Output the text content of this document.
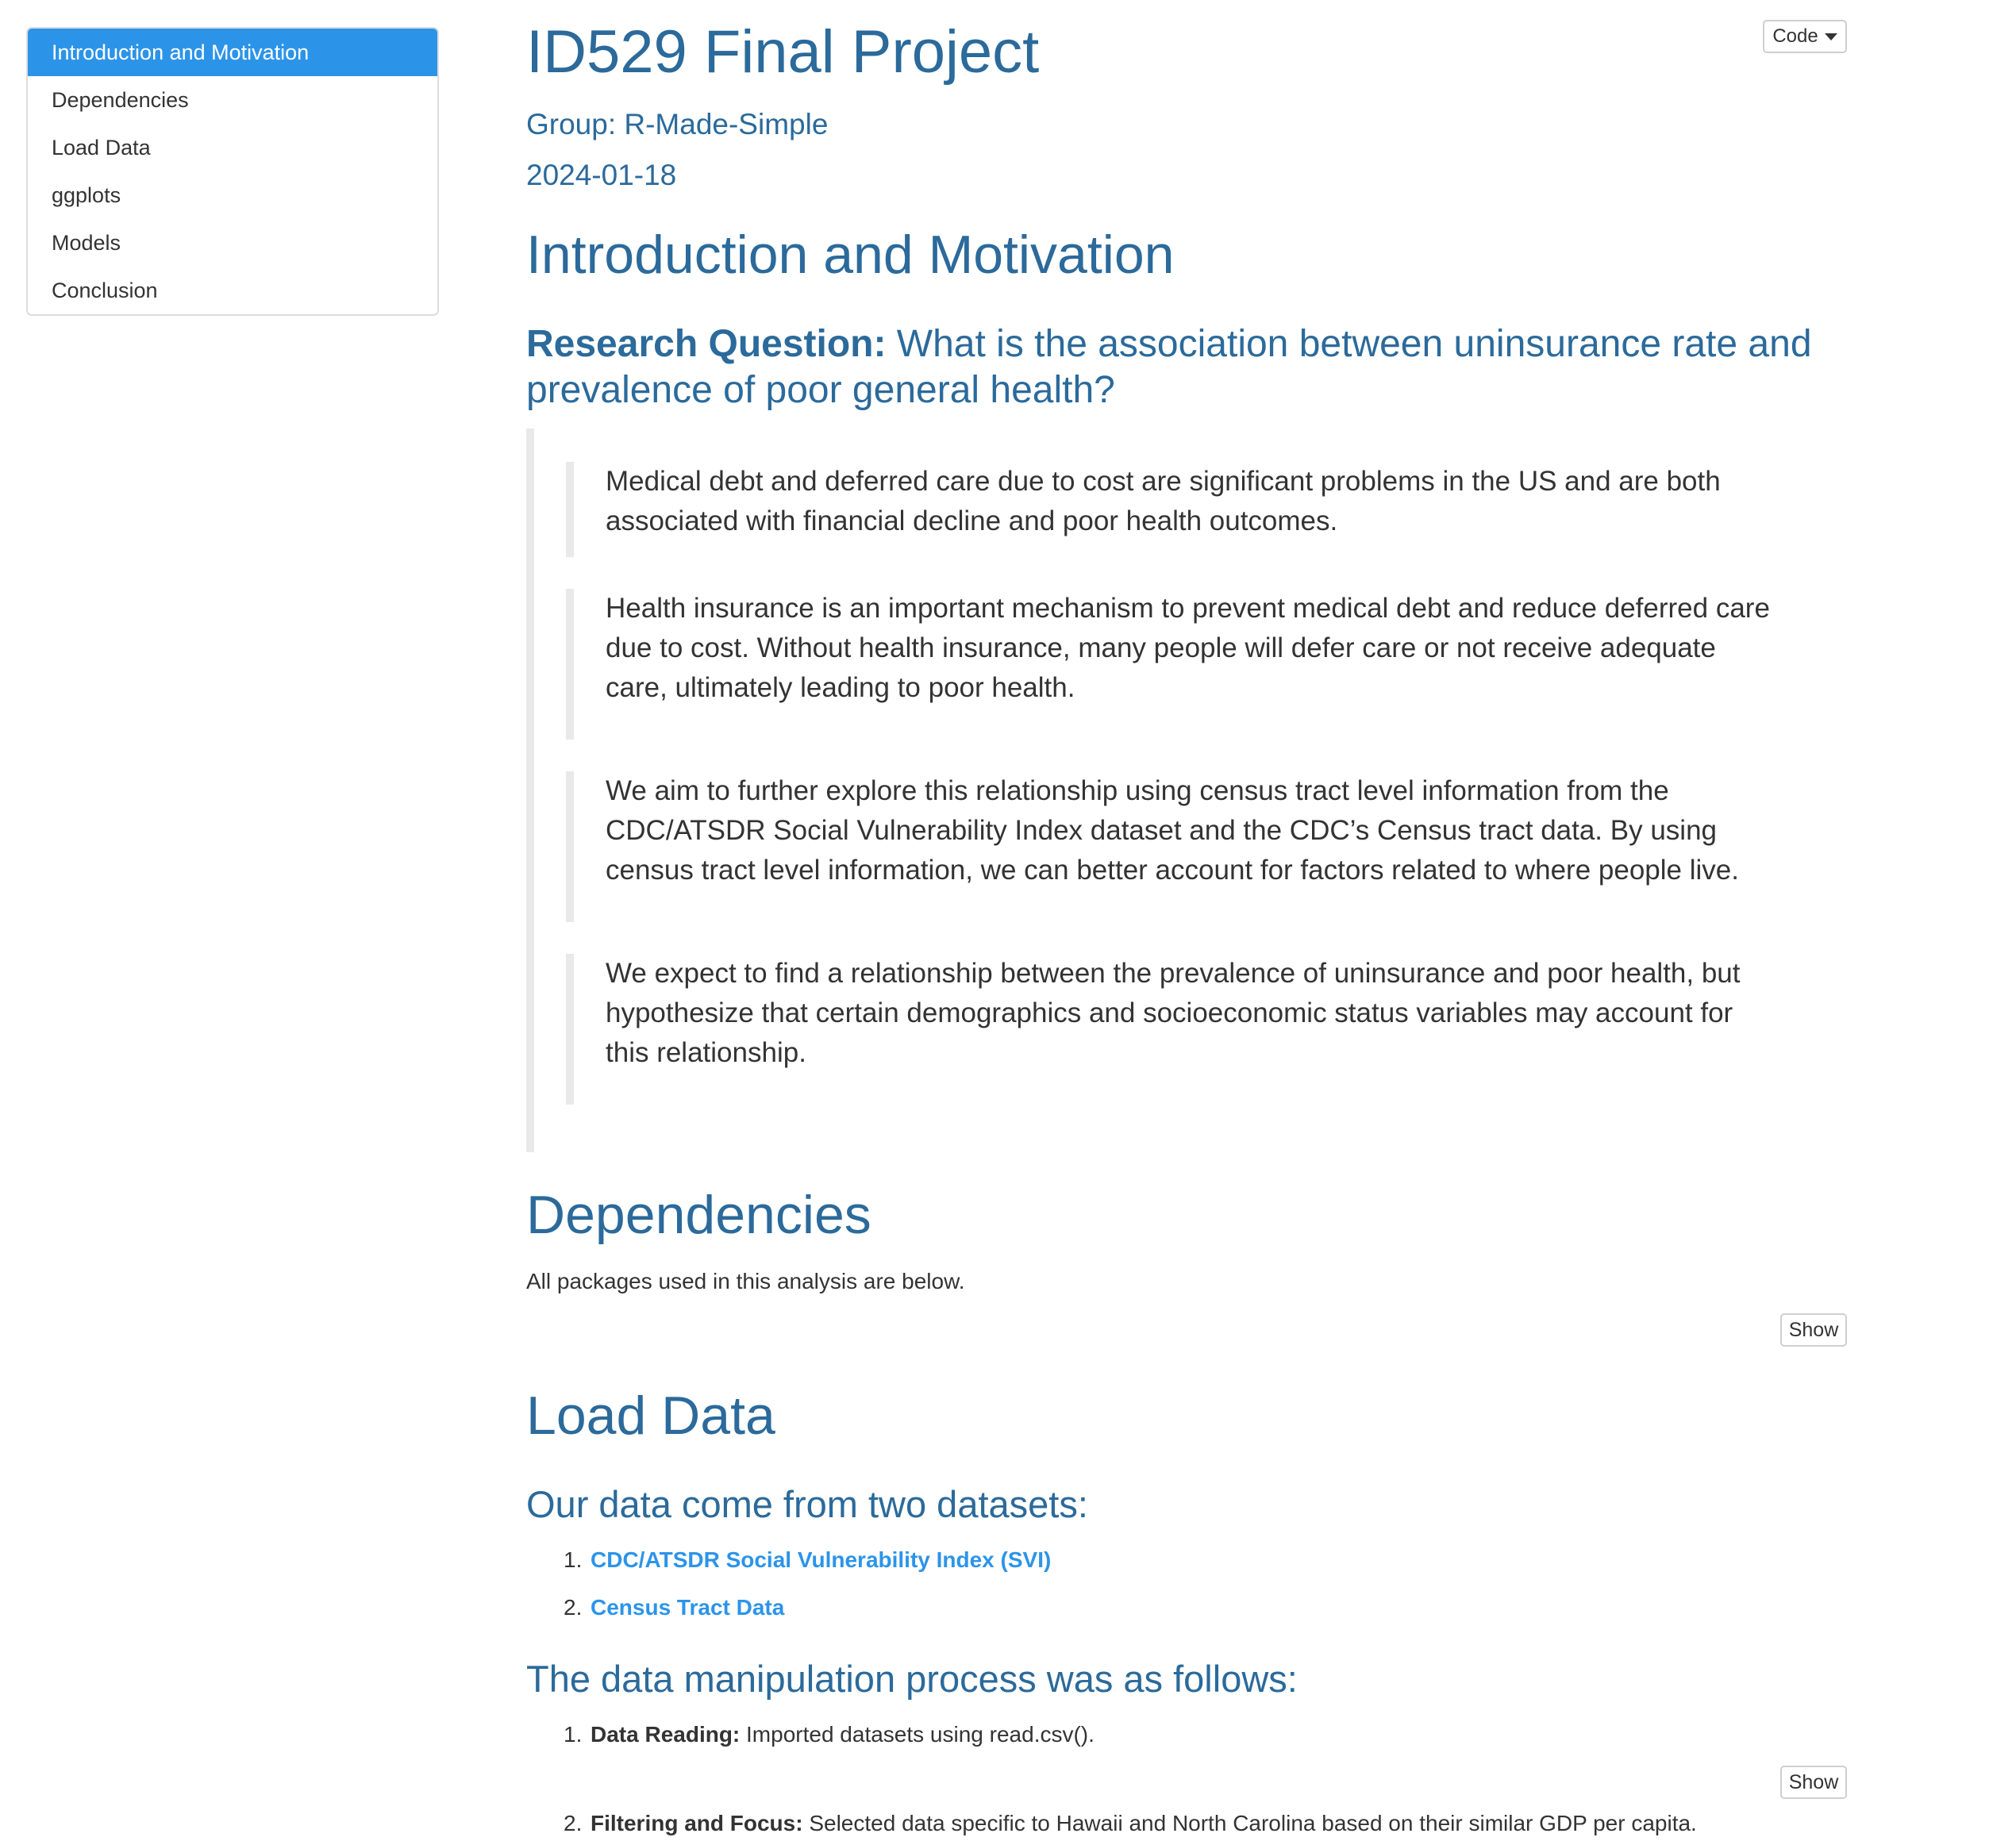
Introduction and Motivation
Dependencies
Load Data
ggplots
Models
Conclusion
Code
ID529 Final Project
Group: R-Made-Simple
2024-01-18
Introduction and Motivation
Research Question: What is the association between uninsurance rate and prevalence of poor general health?
Medical debt and deferred care due to cost are significant problems in the US and are both associated with financial decline and poor health outcomes.
Health insurance is an important mechanism to prevent medical debt and reduce deferred care due to cost. Without health insurance, many people will defer care or not receive adequate care, ultimately leading to poor health.
We aim to further explore this relationship using census tract level information from the CDC/ATSDR Social Vulnerability Index dataset and the CDC’s Census tract data. By using census tract level information, we can better account for factors related to where people live.
We expect to find a relationship between the prevalence of uninsurance and poor health, but hypothesize that certain demographics and socioeconomic status variables may account for this relationship.
Dependencies
All packages used in this analysis are below.
Show
Load Data
Our data come from two datasets:
1. CDC/ATSDR Social Vulnerability Index (SVI)
2. Census Tract Data
The data manipulation process was as follows:
1. Data Reading: Imported datasets using read.csv().
Show
2. Filtering and Focus: Selected data specific to Hawaii and North Carolina based on their similar GDP per capita.
